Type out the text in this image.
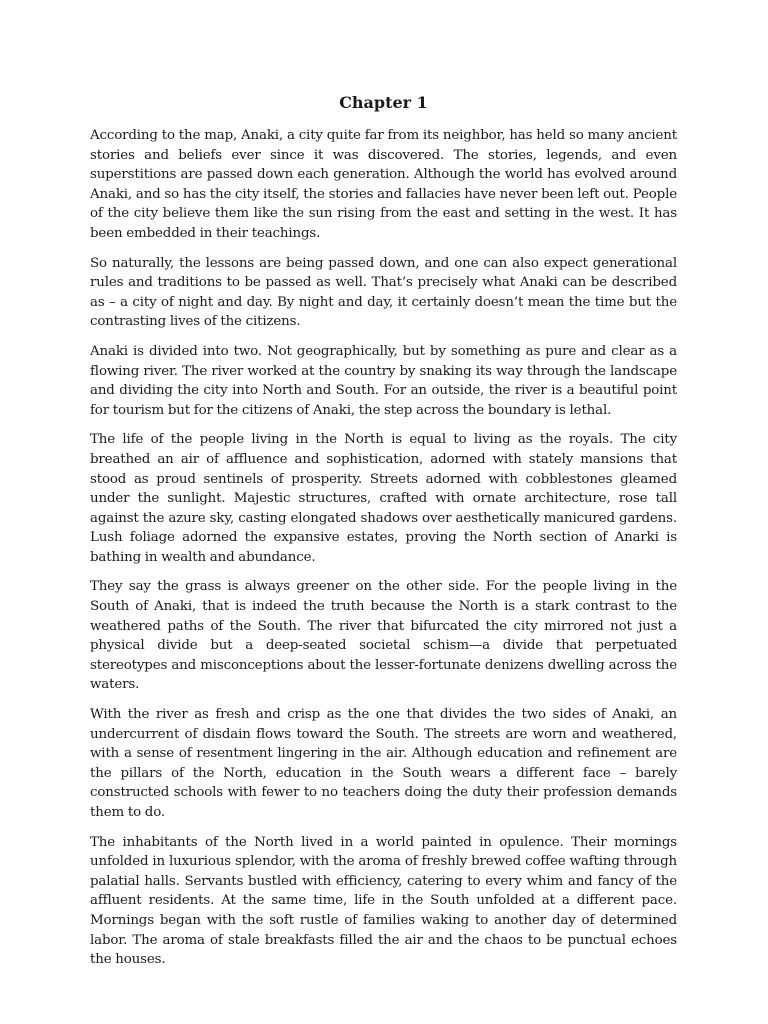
Chapter 1

According to the map, Anaki, a city quite far from its neighbor, has held so many ancient stories and beliefs ever since it was discovered. The stories, legends, and even superstitions are passed down each generation. Although the world has evolved around Anaki, and so has the city itself, the stories and fallacies have never been left out. People of the city believe them like the sun rising from the east and setting in the west. It has been embedded in their teachings.

So naturally, the lessons are being passed down, and one can also expect generational rules and traditions to be passed as well. That’s precisely what Anaki can be described as – a city of night and day. By night and day, it certainly doesn’t mean the time but the contrasting lives of the citizens.

Anaki is divided into two. Not geographically, but by something as pure and clear as a flowing river. The river worked at the country by snaking its way through the landscape and dividing the city into North and South. For an outside, the river is a beautiful point for tourism but for the citizens of Anaki, the step across the boundary is lethal.

The life of the people living in the North is equal to living as the royals. The city breathed an air of affluence and sophistication, adorned with stately mansions that stood as proud sentinels of prosperity. Streets adorned with cobblestones gleamed under the sunlight. Majestic structures, crafted with ornate architecture, rose tall against the azure sky, casting elongated shadows over aesthetically manicured gardens. Lush foliage adorned the expansive estates, proving the North section of Anarki is bathing in wealth and abundance.

They say the grass is always greener on the other side. For the people living in the South of Anaki, that is indeed the truth because the North is a stark contrast to the weathered paths of the South. The river that bifurcated the city mirrored not just a physical divide but a deep-seated societal schism—a divide that perpetuated stereotypes and misconceptions about the lesser-fortunate denizens dwelling across the waters.

With the river as fresh and crisp as the one that divides the two sides of Anaki, an undercurrent of disdain flows toward the South. The streets are worn and weathered, with a sense of resentment lingering in the air. Although education and refinement are the pillars of the North, education in the South wears a different face – barely constructed schools with fewer to no teachers doing the duty their profession demands them to do.

The inhabitants of the North lived in a world painted in opulence. Their mornings unfolded in luxurious splendor, with the aroma of freshly brewed coffee wafting through palatial halls. Servants bustled with efficiency, catering to every whim and fancy of the affluent residents. At the same time, life in the South unfolded at a different pace. Mornings began with the soft rustle of families waking to another day of determined labor. The aroma of stale breakfasts filled the air and the chaos to be punctual echoes the houses.
